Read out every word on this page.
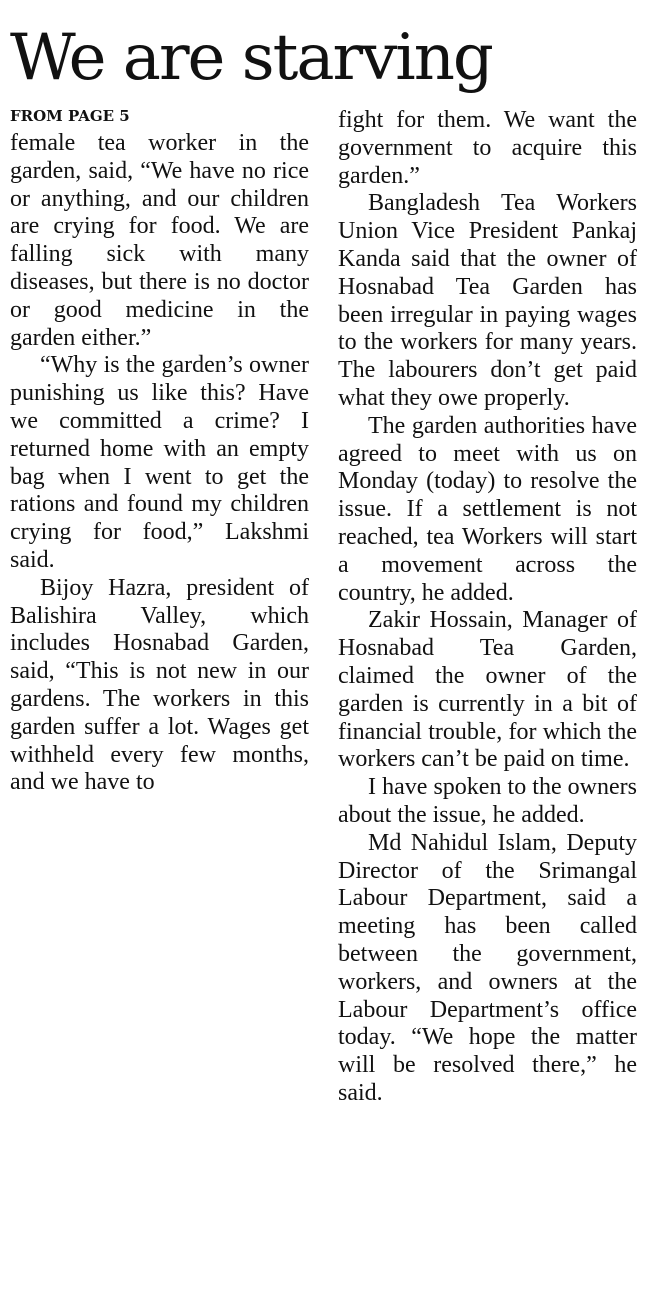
We are starving
FROM PAGE 5

female tea worker in the garden, said, “We have no rice or anything, and our children are crying for food. We are falling sick with many diseases, but there is no doctor or good medicine in the garden either.”

“Why is the garden’s owner punishing us like this? Have we committed a crime? I returned home with an empty bag when I went to get the rations and found my children crying for food,” Lakshmi said.

Bijoy Hazra, president of Balishira Valley, which includes Hosnabad Garden, said, “This is not new in our gardens. The workers in this garden suffer a lot. Wages get withheld every few months, and we have to

fight for them. We want the government to acquire this garden.”

Bangladesh Tea Workers Union Vice President Pankaj Kanda said that the owner of Hosnabad Tea Garden has been irregular in paying wages to the workers for many years. The labourers don’t get paid what they owe properly.

The garden authorities have agreed to meet with us on Monday (today) to resolve the issue. If a settlement is not reached, tea Workers will start a movement across the country, he added.

Zakir Hossain, Manager of Hosnabad Tea Garden, claimed the owner of the garden is currently in a bit of financial trouble, for which the workers can’t be paid on time.

I have spoken to the owners about the issue, he added.

Md Nahidul Islam, Deputy Director of the Srimangal Labour Department, said a meeting has been called between the government, workers, and owners at the Labour Department’s office today. “We hope the matter will be resolved there,” he said.
